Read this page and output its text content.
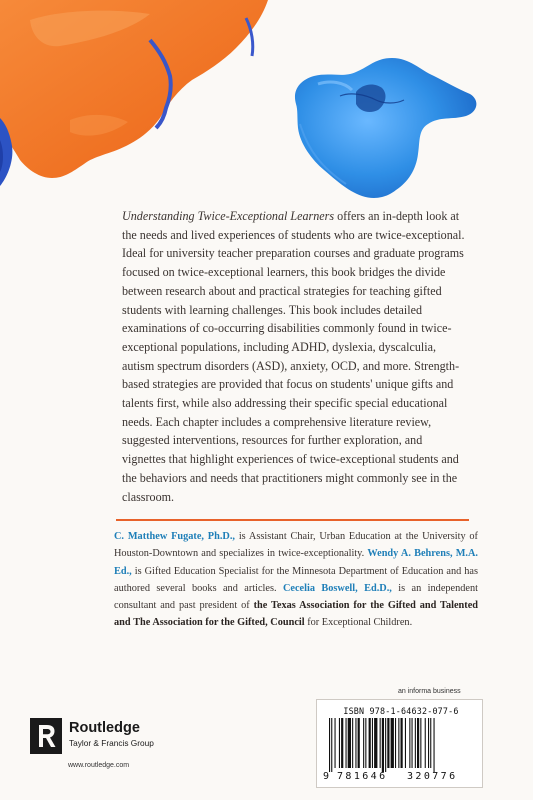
Understanding Twice-Exceptional Learners offers an in-depth look at the needs and lived experiences of students who are twice-exceptional. Ideal for university teacher preparation courses and graduate programs focused on twice-exceptional learners, this book bridges the divide between research about and practical strategies for teaching gifted students with learning challenges. This book includes detailed examinations of co-occurring disabilities commonly found in twice-exceptional populations, including ADHD, dyslexia, dyscalculia, autism spectrum disorders (ASD), anxiety, OCD, and more. Strength-based strategies are provided that focus on students' unique gifts and talents first, while also addressing their specific special educational needs. Each chapter includes a comprehensive literature review, suggested interventions, resources for further exploration, and vignettes that highlight experiences of twice-exceptional students and the behaviors and needs that practitioners might commonly see in the classroom.
C. Matthew Fugate, Ph.D., is Assistant Chair, Urban Education at the University of Houston-Downtown and specializes in twice-exceptionality. Wendy A. Behrens, M.A. Ed., is Gifted Education Specialist for the Minnesota Department of Education and has authored several books and articles. Cecelia Boswell, Ed.D., is an independent consultant and past president of the Texas Association for the Gifted and Talented and The Association for the Gifted, Council for Exceptional Children.
an informa business
ISBN 978-1-64632-077-6
9 781646 320776
Routledge
Taylor & Francis Group
www.routledge.com
